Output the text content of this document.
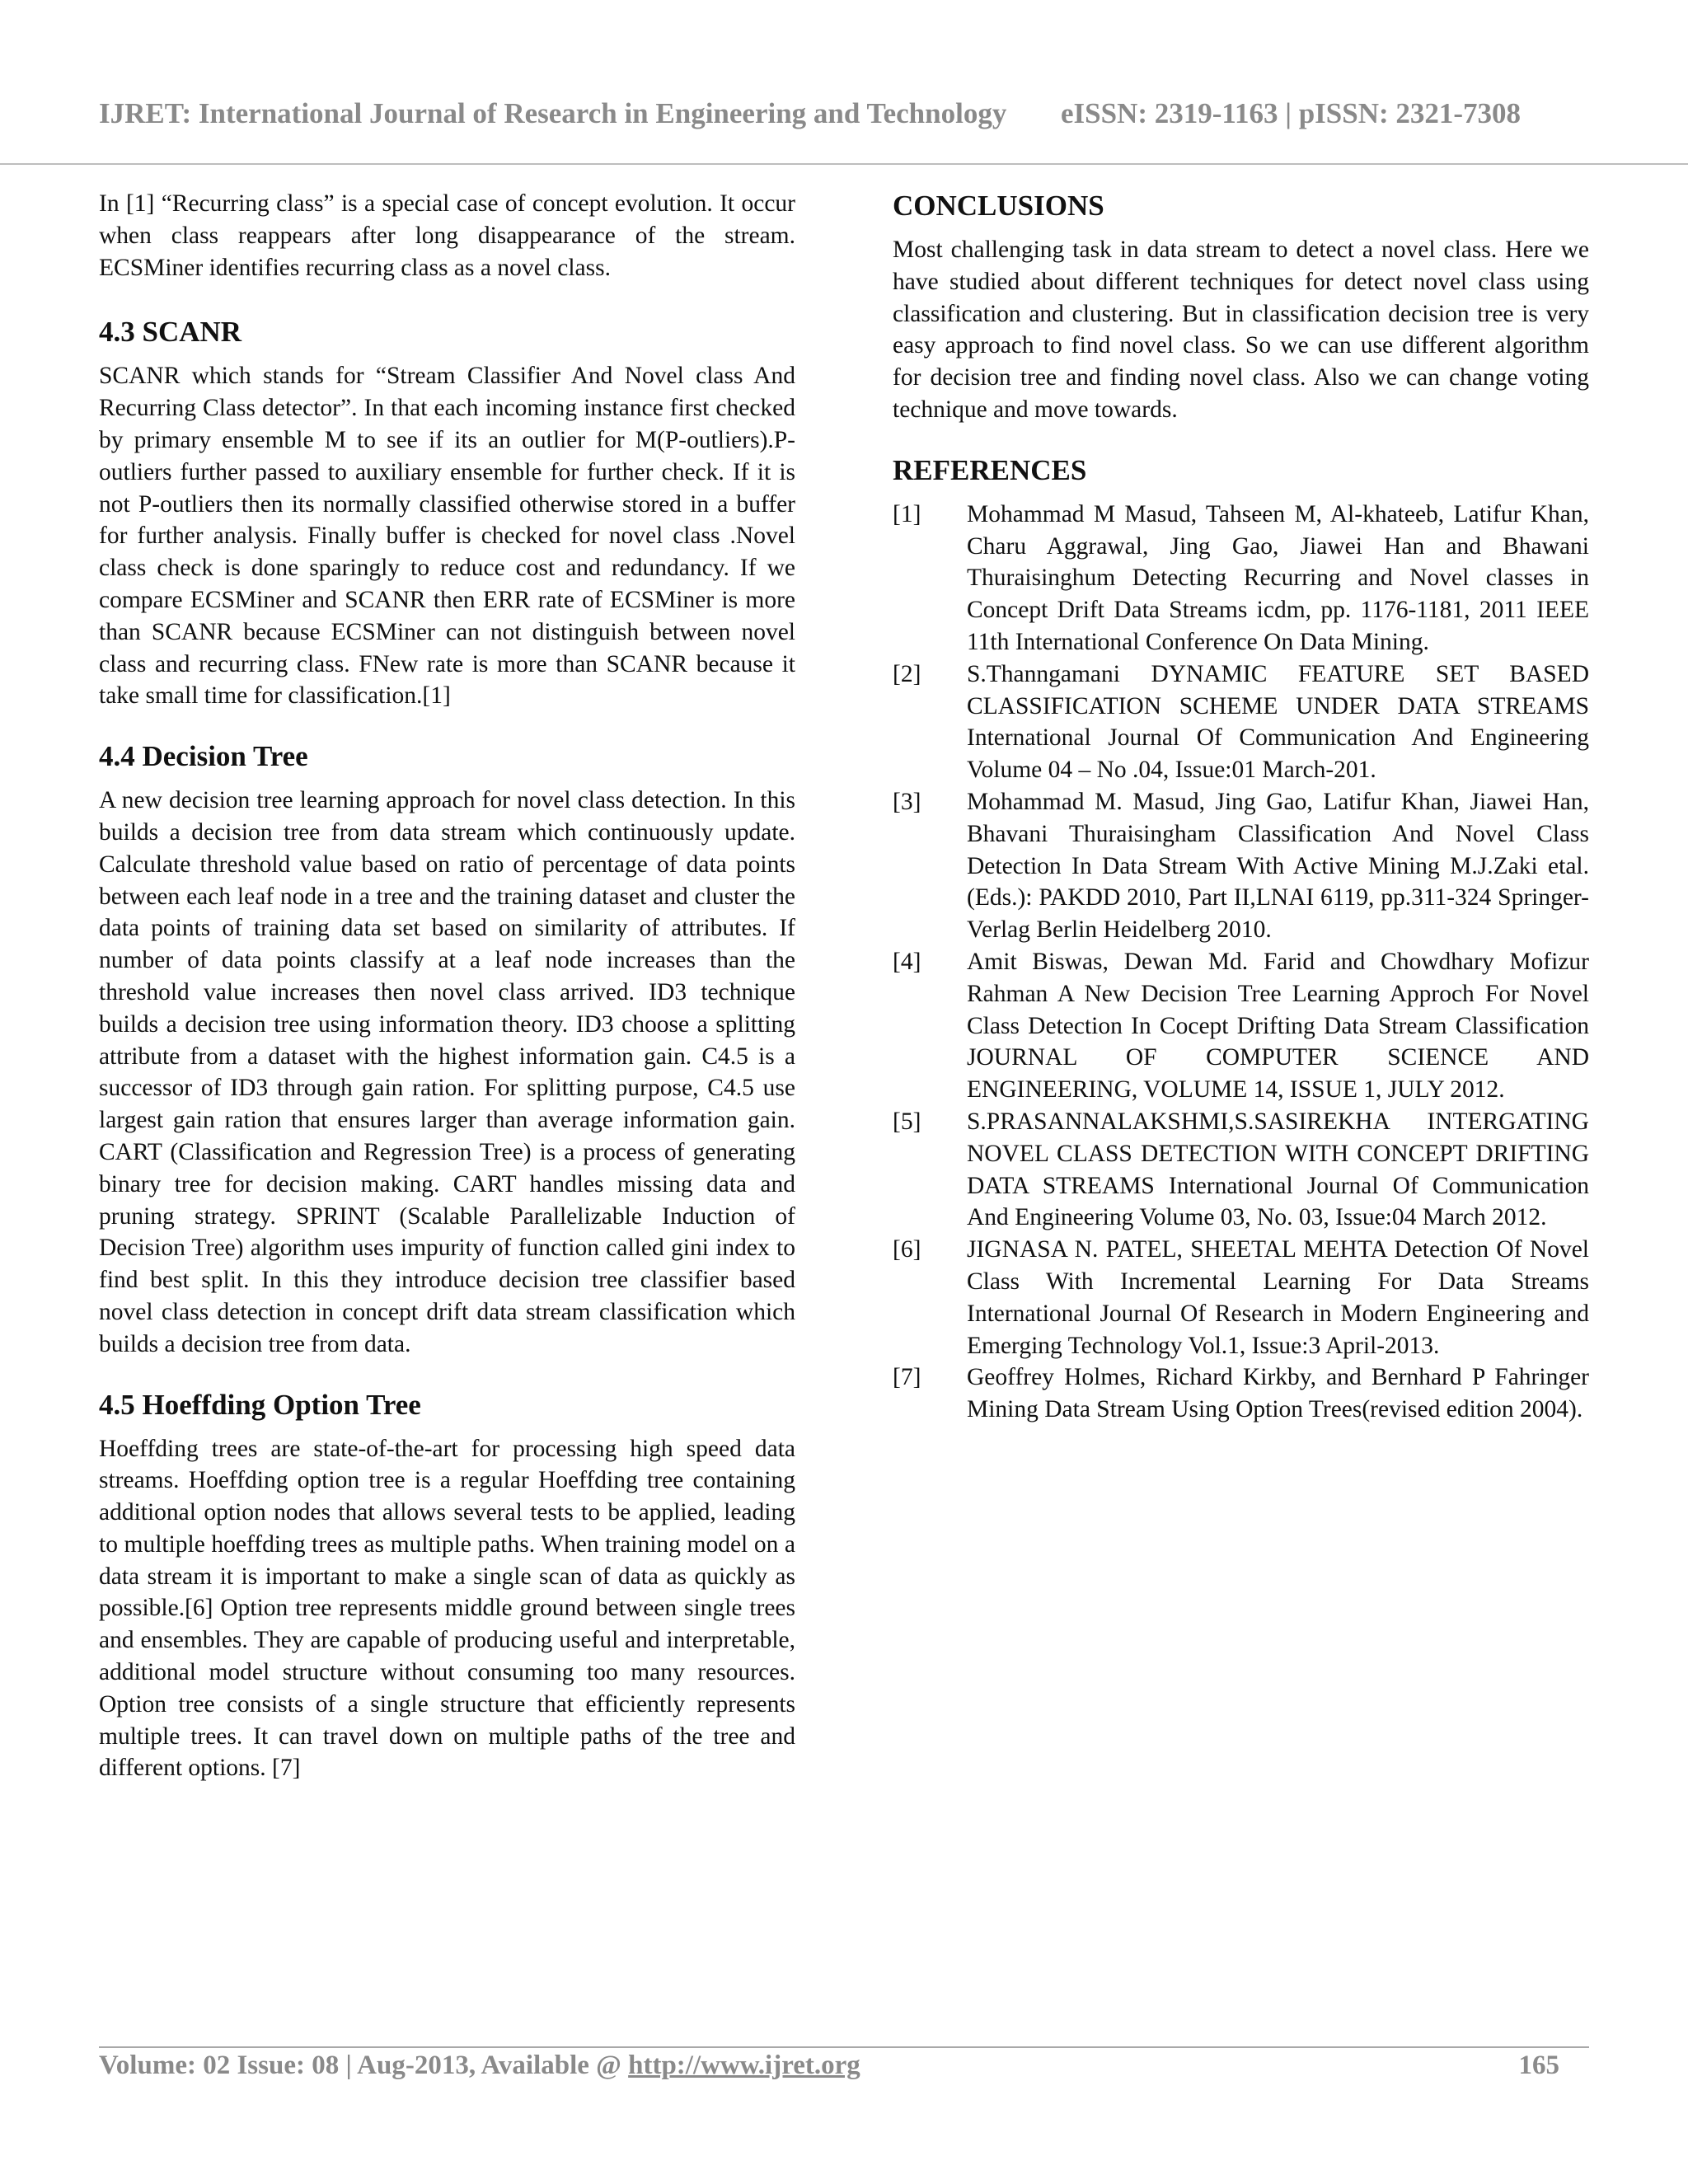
IJRET: International Journal of Research in Engineering and Technology eISSN: 2319-1163 | pISSN: 2321-7308

In [1] “Recurring class” is a special case of concept evolution. It occur when class reappears after long disappearance of the stream. ECSMiner identifies recurring class as a novel class.

4.3 SCANR

SCANR which stands for “Stream Classifier And Novel class And Recurring Class detector”. In that each incoming instance first checked by primary ensemble M to see if its an outlier for M(P-outliers).P-outliers further passed to auxiliary ensemble for further check. If it is not P-outliers then its normally classified otherwise stored in a buffer for further analysis. Finally buffer is checked for novel class .Novel class check is done sparingly to reduce cost and redundancy. If we compare ECSMiner and SCANR then ERR rate of ECSMiner is more than SCANR because ECSMiner can not distinguish between novel class and recurring class. FNew rate is more than SCANR because it take small time for classification.[1]

4.4 Decision Tree

A new decision tree learning approach for novel class detection. In this builds a decision tree from data stream which continuously update. Calculate threshold value based on ratio of percentage of data points between each leaf node in a tree and the training dataset and cluster the data points of training data set based on similarity of attributes. If number of data points classify at a leaf node increases than the threshold value increases then novel class arrived. ID3 technique builds a decision tree using information theory. ID3 choose a splitting attribute from a dataset with the highest information gain. C4.5 is a successor of ID3 through gain ration. For splitting purpose, C4.5 use largest gain ration that ensures larger than average information gain. CART (Classification and Regression Tree) is a process of generating binary tree for decision making. CART handles missing data and pruning strategy. SPRINT (Scalable Parallelizable Induction of Decision Tree) algorithm uses impurity of function called gini index to find best split. In this they introduce decision tree classifier based novel class detection in concept drift data stream classification which builds a decision tree from data.

4.5 Hoeffding Option Tree

Hoeffding trees are state-of-the-art for processing high speed data streams. Hoeffding option tree is a regular Hoeffding tree containing additional option nodes that allows several tests to be applied, leading to multiple hoeffding trees as multiple paths. When training model on a data stream it is important to make a single scan of data as quickly as possible.[6] Option tree represents middle ground between single trees and ensembles. They are capable of producing useful and interpretable, additional model structure without consuming too many resources. Option tree consists of a single structure that efficiently represents multiple trees. It can travel down on multiple paths of the tree and different options. [7]

CONCLUSIONS

Most challenging task in data stream to detect a novel class. Here we have studied about different techniques for detect novel class using classification and clustering. But in classification decision tree is very easy approach to find novel class. So we can use different algorithm for decision tree and finding novel class. Also we can change voting technique and move towards.

REFERENCES
[1]	Mohammad M Masud, Tahseen M, Al-khateeb, Latifur Khan, Charu Aggrawal, Jing Gao, Jiawei Han and Bhawani Thuraisinghum Detecting Recurring and Novel classes in Concept Drift Data Streams icdm, pp. 1176-1181, 2011 IEEE 11th International Conference On Data Mining.
[2]	S.Thanngamani DYNAMIC FEATURE SET BASED CLASSIFICATION SCHEME UNDER DATA STREAMS International Journal Of Communication And Engineering Volume 04 – No .04, Issue:01 March-201.
[3]	Mohammad M. Masud, Jing Gao, Latifur Khan, Jiawei Han, Bhavani Thuraisingham Classification And Novel Class Detection In Data Stream With Active Mining M.J.Zaki etal.(Eds.): PAKDD 2010, Part II,LNAI 6119, pp.311-324 Springer- Verlag Berlin Heidelberg 2010.
[4]	Amit Biswas, Dewan Md. Farid and Chowdhary Mofizur Rahman A New Decision Tree Learning Approch For Novel Class Detection In Cocept Drifting Data Stream Classification JOURNAL OF COMPUTER SCIENCE AND ENGINEERING, VOLUME 14, ISSUE 1, JULY 2012.
[5]	S.PRASANNALAKSHMI,S.SASIREKHA INTERGATING NOVEL CLASS DETECTION WITH CONCEPT DRIFTING DATA STREAMS International Journal Of Communication And Engineering Volume 03, No. 03, Issue:04 March 2012.
[6]	JIGNASA N. PATEL, SHEETAL MEHTA Detection Of Novel Class With Incremental Learning For Data Streams International Journal Of Research in Modern Engineering and Emerging Technology Vol.1, Issue:3 April-2013.
[7]	Geoffrey Holmes, Richard Kirkby, and Bernhard P Fahringer Mining Data Stream Using Option Trees(revised edition 2004).
Volume: 02 Issue: 08 | Aug-2013, Available @ http://www.ijret.org	165
